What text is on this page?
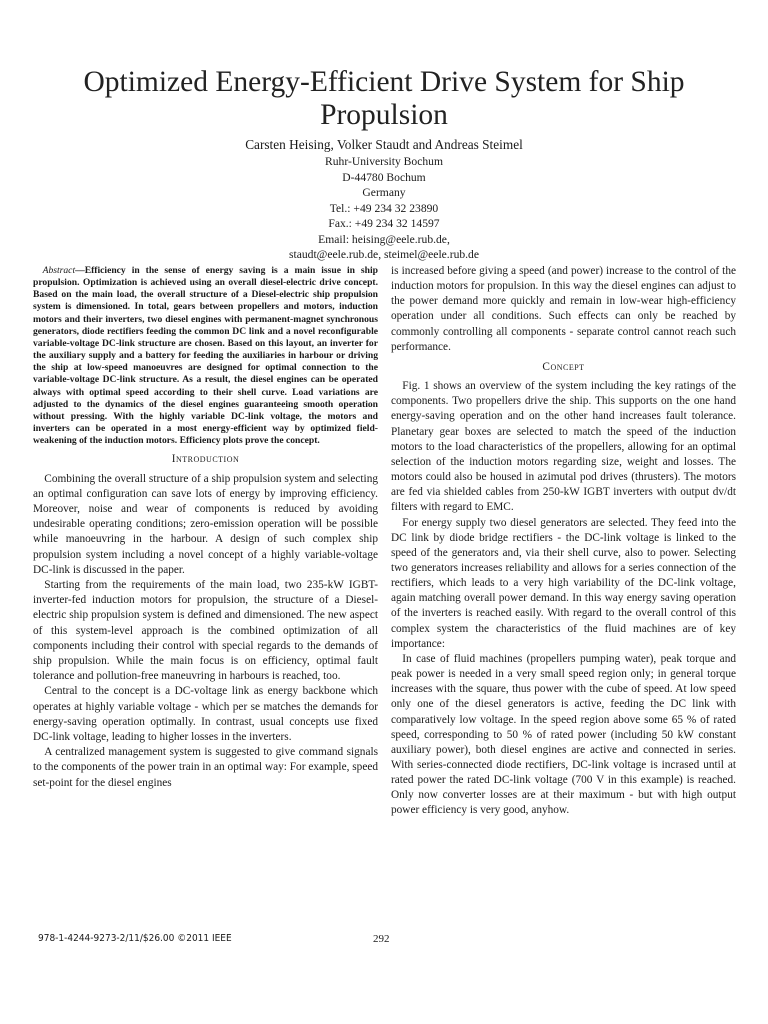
Optimized Energy-Efficient Drive System for Ship Propulsion
Carsten Heising, Volker Staudt and Andreas Steimel
Ruhr-University Bochum
D-44780 Bochum
Germany
Tel.: +49 234 32 23890
Fax.: +49 234 32 14597
Email: heising@eele.rub.de,
staudt@eele.rub.de, steimel@eele.rub.de

Abstract—Efficiency in the sense of energy saving is a main issue in ship propulsion. Optimization is achieved using an overall diesel-electric drive concept. Based on the main load, the overall structure of a Diesel-electric ship propulsion system is dimensioned. In total, gears between propellers and motors, induction motors and their inverters, two diesel engines with permanent-magnet synchronous generators, diode rectifiers feeding the common DC link and a novel reconfigurable variable-voltage DC-link structure are chosen. Based on this layout, an inverter for the auxiliary supply and a battery for feeding the auxiliaries in harbour or driving the ship at low-speed manoeuvres are designed for optimal connection to the variable-voltage DC-link structure. As a result, the diesel engines can be operated always with optimal speed according to their shell curve. Load variations are adjusted to the dynamics of the diesel engines guaranteeing smooth operation without pressing. With the highly variable DC-link voltage, the motors and inverters can be operated in a most energy-efficient way by optimized field-weakening of the induction motors. Efficiency plots prove the concept.

Introduction

Combining the overall structure of a ship propulsion system and selecting an optimal configuration can save lots of energy by improving efficiency. Moreover, noise and wear of components is reduced by avoiding undesirable operating conditions; zero-emission operation will be possible while manoeuvring in the harbour. A design of such complex ship propulsion system including a novel concept of a highly variable-voltage DC-link is discussed in the paper.

Starting from the requirements of the main load, two 235-kW IGBT-inverter-fed induction motors for propulsion, the structure of a Diesel-electric ship propulsion system is defined and dimensioned. The new aspect of this system-level approach is the combined optimization of all components including their control with special regards to the demands of ship propulsion. While the main focus is on efficiency, optimal fault tolerance and pollution-free maneuvring in harbours is reached, too.

Central to the concept is a DC-voltage link as energy backbone which operates at highly variable voltage - which per se matches the demands for energy-saving operation optimally. In contrast, usual concepts use fixed DC-link voltage, leading to higher losses in the inverters.

A centralized management system is suggested to give command signals to the components of the power train in an optimal way: For example, speed set-point for the diesel engines

is increased before giving a speed (and power) increase to the control of the induction motors for propulsion. In this way the diesel engines can adjust to the power demand more quickly and remain in low-wear high-efficiency operation under all conditions. Such effects can only be reached by commonly controlling all components - separate control cannot reach such performance.

Concept

Fig. 1 shows an overview of the system including the key ratings of the components. Two propellers drive the ship. This supports on the one hand energy-saving operation and on the other hand increases fault tolerance. Planetary gear boxes are selected to match the speed of the induction motors to the load characteristics of the propellers, allowing for an optimal selection of the induction motors regarding size, weight and losses. The motors could also be housed in azimutal pod drives (thrusters). The motors are fed via shielded cables from 250-kW IGBT inverters with output dv/dt filters with regard to EMC.

For energy supply two diesel generators are selected. They feed into the DC link by diode bridge rectifiers - the DC-link voltage is linked to the speed of the generators and, via their shell curve, also to power. Selecting two generators increases reliability and allows for a series connection of the rectifiers, which leads to a very high variability of the DC-link voltage, again matching overall power demand. In this way energy saving operation of the inverters is reached easily. With regard to the overall control of this complex system the characteristics of the fluid machines are of key importance:

In case of fluid machines (propellers pumping water), peak torque and peak power is needed in a very small speed region only; in general torque increases with the square, thus power with the cube of speed. At low speed only one of the diesel generators is active, feeding the DC link with comparatively low voltage. In the speed region above some 65 % of rated speed, corresponding to 50 % of rated power (including 50 kW constant auxiliary power), both diesel engines are active and connected in series. With series-connected diode rectifiers, DC-link voltage is incrased until at rated power the rated DC-link voltage (700 V in this example) is reached. Only now converter losses are at their maximum - but with high output power efficiency is very good, anyhow.

978-1-4244-9273-2/11/$26.00 ©2011 IEEE	292
